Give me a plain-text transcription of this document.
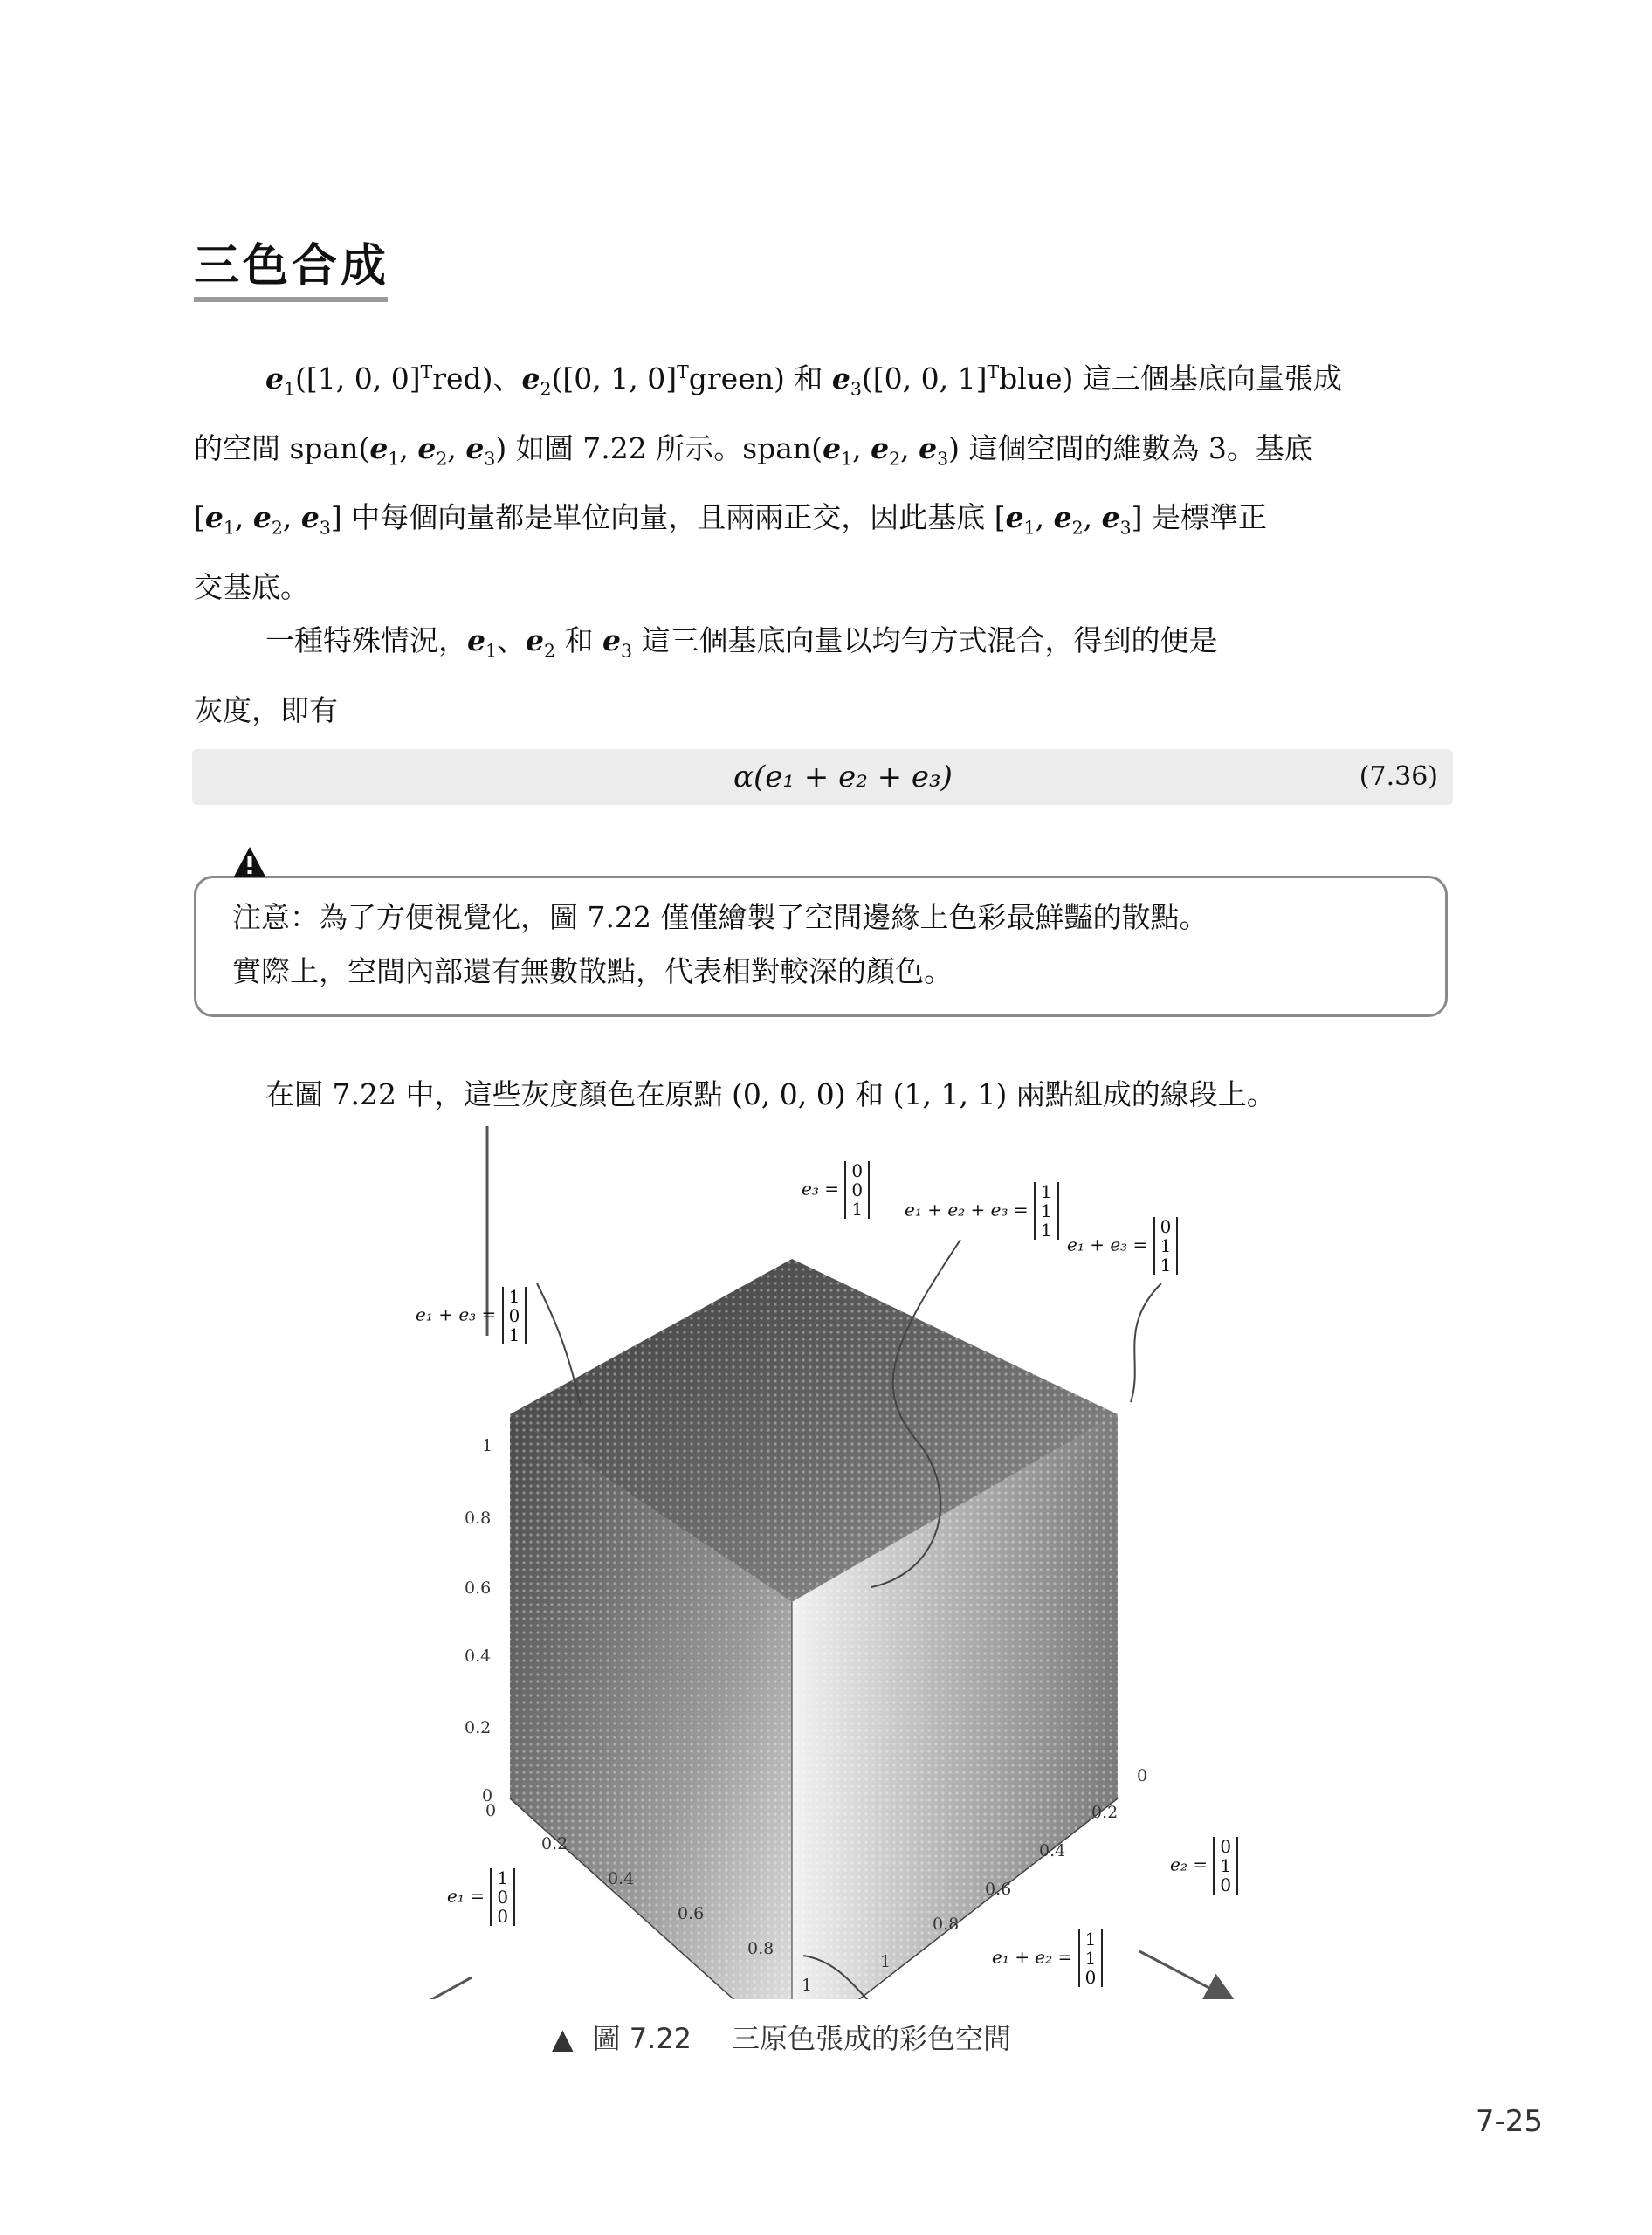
三色合成

$e_1([1$, 0, 0]$^T$red)、$e_2([0$, 1, 0]$^T$green) 和 $e_3([0$, 0, 1]$^T$blue) 這三個基底向量張成

的空間 $span(e_1$, $e_2$, $e_3$) 如圖 7.22 所示。$span(e_1$, $e_2$, $e_3$) 這個空間的維數為 3。基底

[$e_1$, $e_2$, $e_3$] 中每個向量都是單位向量，且兩兩正交，因此基底 [$e_1$, $e_2$, $e_3$] 是標準正

交基底。

一種特殊情況，$e_1$、$e_2$ 和 $e_3$ 這三個基底向量以均勻方式混合，得到的便是

灰度，即有

α(e₁ + e₂ + e₃)	(7.36)
注意：為了方便視覺化，圖 7.22 僅僅繪製了空間邊緣上色彩最鮮豔的散點。
實際上，空間內部還有無數散點，代表相對較深的顏色。
在圖 7.22 中，這些灰度顏色在原點 (0, 0, 0) 和 (1, 1, 1) 兩點組成的線段上。
0
0.2
0.4
0.6
0.8
1
0
0.2
0.4
0.6
0.8
1
0
0.2
0.4
0.6
0.8
1
e₃ = 0
0
1	e₁ + e₂ + e₃ = 1
1
1
e₁ + e₃ = 0
1
1
e₁ + e₃ = 1
0
1
e₁ = 1
0
0
e₂ = 0
1
0
e₁ + e₂ = 1
1
0
▲ 圖 7.22 三原色張成的彩色空間
7-25
